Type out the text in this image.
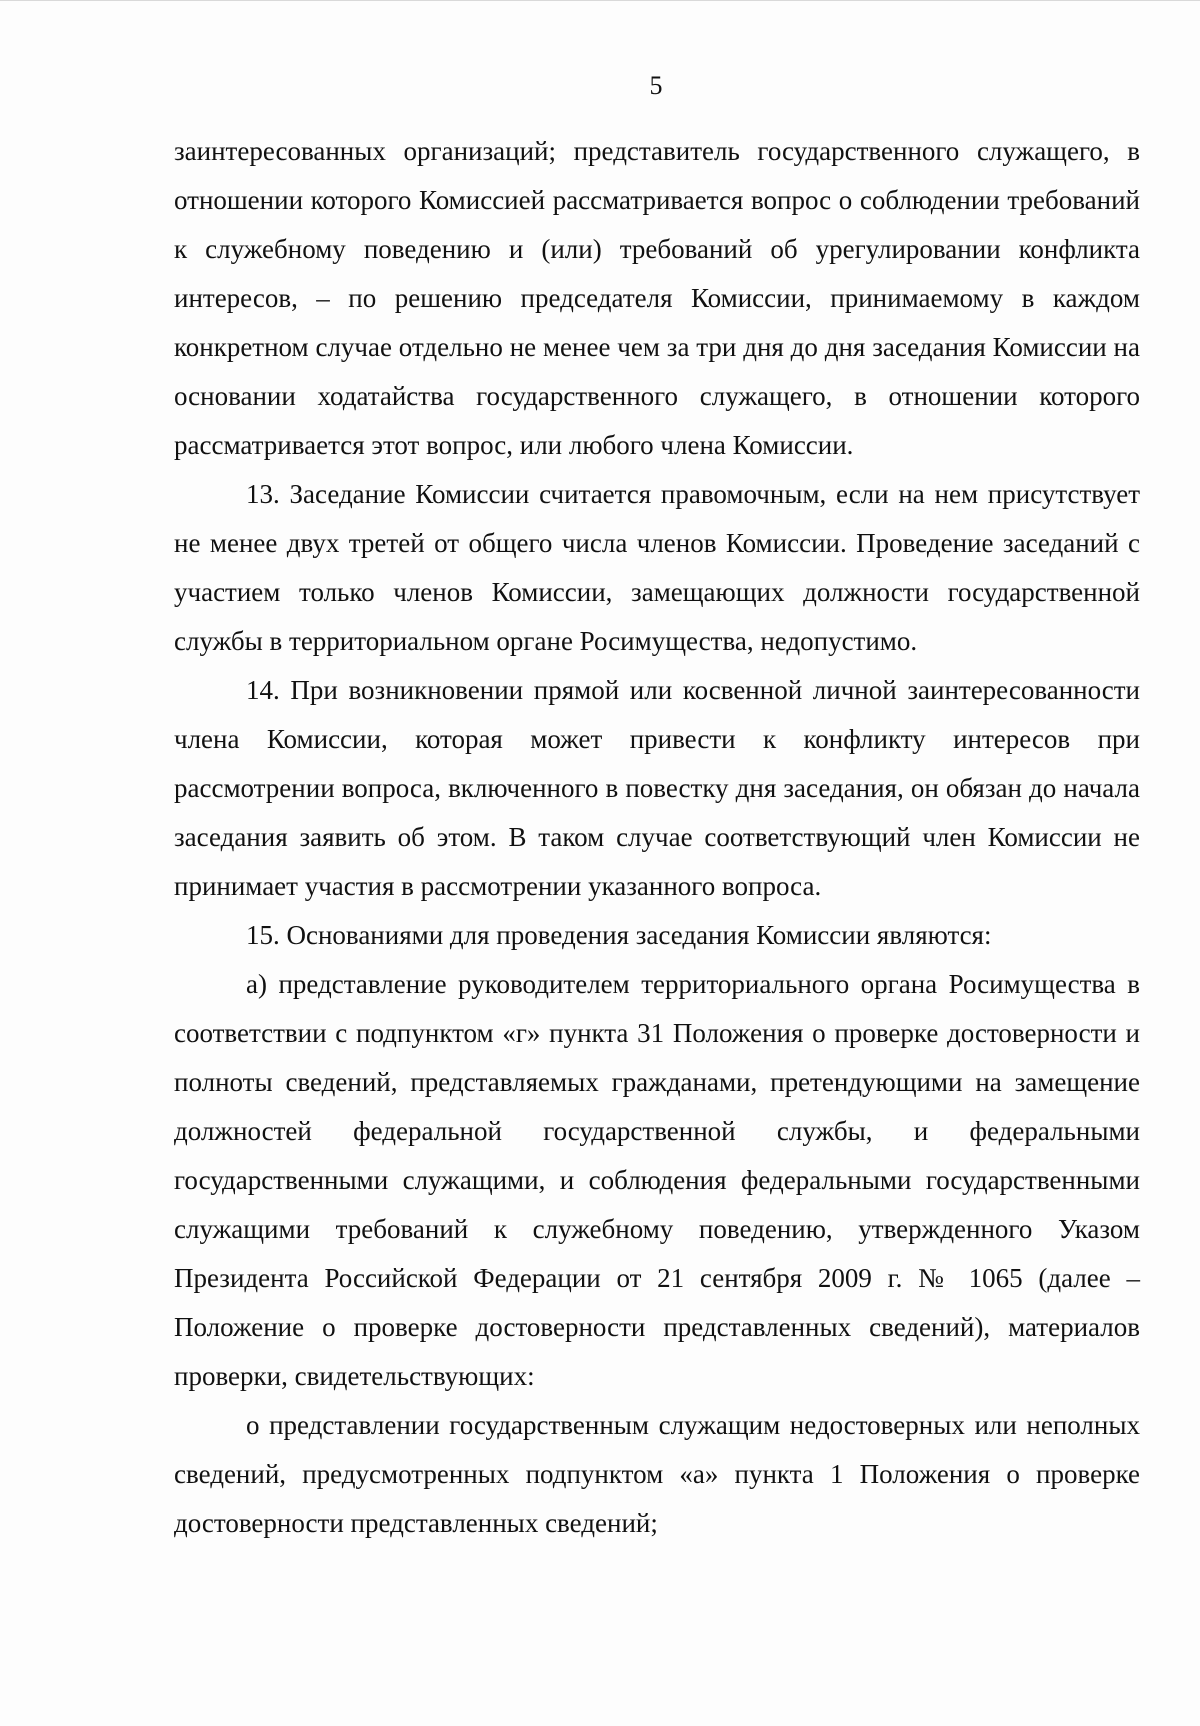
5

заинтересованных организаций; представитель государственного служащего, в отношении которого Комиссией рассматривается вопрос о соблюдении требований к служебному поведению и (или) требований об урегулировании конфликта интересов, – по решению председателя Комиссии, принимаемому в каждом конкретном случае отдельно не менее чем за три дня до дня заседания Комиссии на основании ходатайства государственного служащего, в отношении которого рассматривается этот вопрос, или любого члена Комиссии.

13. Заседание Комиссии считается правомочным, если на нем присутствует не менее двух третей от общего числа членов Комиссии. Проведение заседаний с участием только членов Комиссии, замещающих должности государственной службы в территориальном органе Росимущества, недопустимо.

14. При возникновении прямой или косвенной личной заинтересованности члена Комиссии, которая может привести к конфликту интересов при рассмотрении вопроса, включенного в повестку дня заседания, он обязан до начала заседания заявить об этом. В таком случае соответствующий член Комиссии не принимает участия в рассмотрении указанного вопроса.

15. Основаниями для проведения заседания Комиссии являются:

а) представление руководителем территориального органа Росимущества в соответствии с подпунктом «г» пункта 31 Положения о проверке достоверности и полноты сведений, представляемых гражданами, претендующими на замещение должностей федеральной государственной службы, и федеральными государственными служащими, и соблюдения федеральными государственными служащими требований к служебному поведению, утвержденного Указом Президента Российской Федерации от 21 сентября 2009 г. № 1065 (далее – Положение о проверке достоверности представленных сведений), материалов проверки, свидетельствующих:

о представлении государственным служащим недостоверных или неполных сведений, предусмотренных подпунктом «а» пункта 1 Положения о проверке достоверности представленных сведений;
